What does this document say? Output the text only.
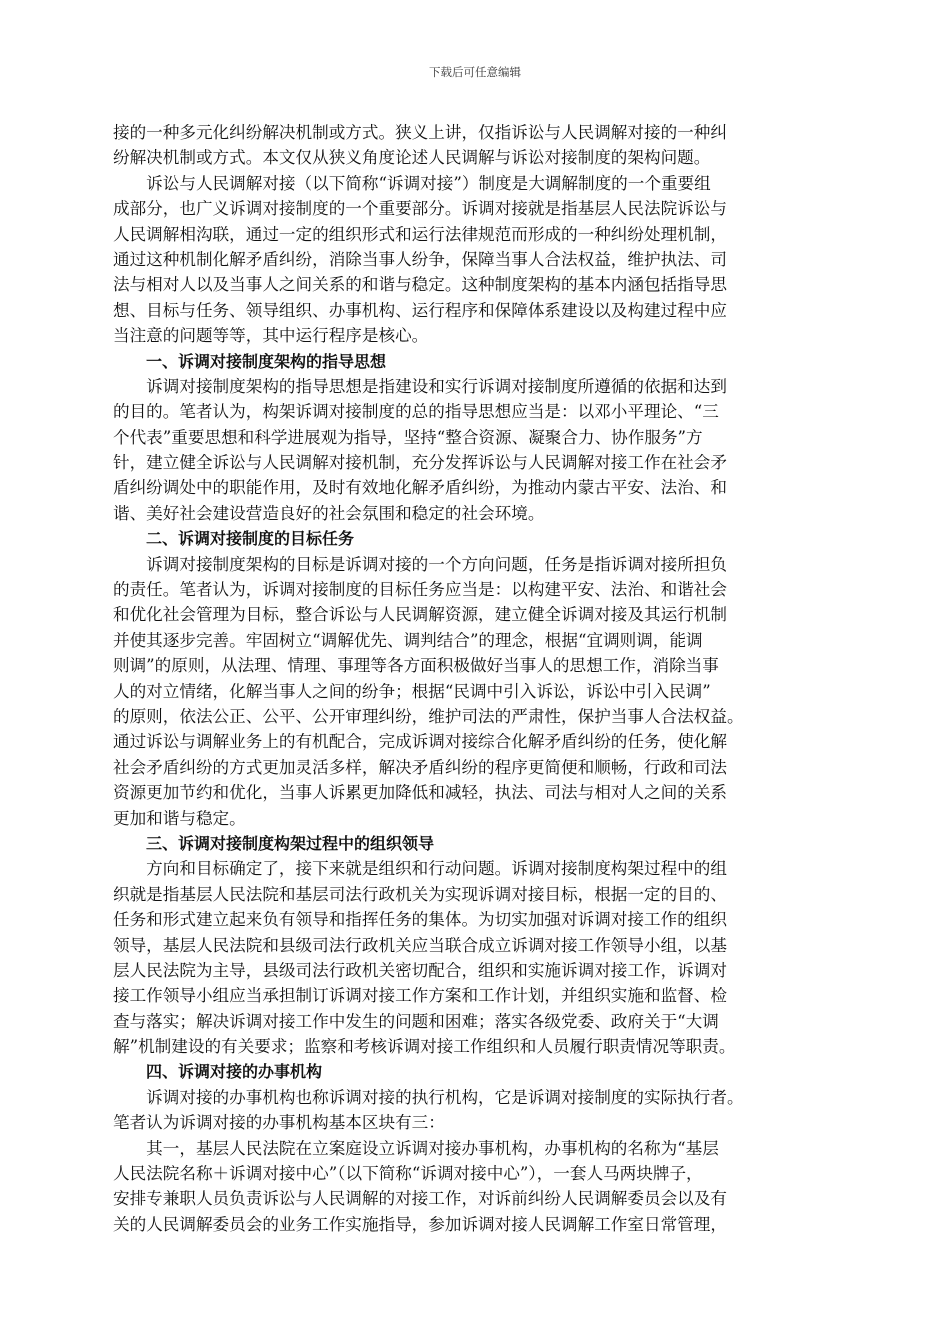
下载后可任意编辑
接的一种多元化纠纷解决机制或方式。狭义上讲，仅指诉讼与人民调解对接的一种纠
纷解决机制或方式。本文仅从狭义角度论述人民调解与诉讼对接制度的架构问题。
　　诉讼与人民调解对接（以下简称“诉调对接”）制度是大调解制度的一个重要组
成部分，也广义诉调对接制度的一个重要部分。诉调对接就是指基层人民法院诉讼与
人民调解相沟联，通过一定的组织形式和运行法律规范而形成的一种纠纷处理机制，
通过这种机制化解矛盾纠纷，消除当事人纷争，保障当事人合法权益，维护执法、司
法与相对人以及当事人之间关系的和谐与稳定。这种制度架构的基本内涵包括指导思
想、目标与任务、领导组织、办事机构、运行程序和保障体系建设以及构建过程中应
当注意的问题等等，其中运行程序是核心。
一、诉调对接制度架构的指导思想
　　诉调对接制度架构的指导思想是指建设和实行诉调对接制度所遵循的依据和达到
的目的。笔者认为，构架诉调对接制度的总的指导思想应当是：以邓小平理论、“三
个代表”重要思想和科学进展观为指导，坚持“整合资源、凝聚合力、协作服务”方
针，建立健全诉讼与人民调解对接机制，充分发挥诉讼与人民调解对接工作在社会矛
盾纠纷调处中的职能作用，及时有效地化解矛盾纠纷，为推动内蒙古平安、法治、和
谐、美好社会建设营造良好的社会氛围和稳定的社会环境。
二、诉调对接制度的目标任务
　　诉调对接制度架构的目标是诉调对接的一个方向问题，任务是指诉调对接所担负
的责任。笔者认为，诉调对接制度的目标任务应当是：以构建平安、法治、和谐社会
和优化社会管理为目标，整合诉讼与人民调解资源，建立健全诉调对接及其运行机制
并使其逐步完善。牢固树立“调解优先、调判结合”的理念，根据“宜调则调，能调
则调”的原则，从法理、情理、事理等各方面积极做好当事人的思想工作，消除当事
人的对立情绪，化解当事人之间的纷争；根据“民调中引入诉讼，诉讼中引入民调”
的原则，依法公正、公平、公开审理纠纷，维护司法的严肃性，保护当事人合法权益。
通过诉讼与调解业务上的有机配合，完成诉调对接综合化解矛盾纠纷的任务，使化解
社会矛盾纠纷的方式更加灵活多样，解决矛盾纠纷的程序更简便和顺畅，行政和司法
资源更加节约和优化，当事人诉累更加降低和减轻，执法、司法与相对人之间的关系
更加和谐与稳定。
三、诉调对接制度构架过程中的组织领导
　　方向和目标确定了，接下来就是组织和行动问题。诉调对接制度构架过程中的组
织就是指基层人民法院和基层司法行政机关为实现诉调对接目标，根据一定的目的、
任务和形式建立起来负有领导和指挥任务的集体。为切实加强对诉调对接工作的组织
领导，基层人民法院和县级司法行政机关应当联合成立诉调对接工作领导小组，以基
层人民法院为主导，县级司法行政机关密切配合，组织和实施诉调对接工作，诉调对
接工作领导小组应当承担制订诉调对接工作方案和工作计划，并组织实施和监督、检
查与落实；解决诉调对接工作中发生的问题和困难；落实各级党委、政府关于“大调
解”机制建设的有关要求；监察和考核诉调对接工作组织和人员履行职责情况等职责。
四、诉调对接的办事机构
　　诉调对接的办事机构也称诉调对接的执行机构，它是诉调对接制度的实际执行者。
笔者认为诉调对接的办事机构基本区块有三：
　　其一，基层人民法院在立案庭设立诉调对接办事机构，办事机构的名称为“基层
人民法院名称＋诉调对接中心”（以下简称“诉调对接中心”），一套人马两块牌子，
安排专兼职人员负责诉讼与人民调解的对接工作，对诉前纠纷人民调解委员会以及有
关的人民调解委员会的业务工作实施指导，参加诉调对接人民调解工作室日常管理，
